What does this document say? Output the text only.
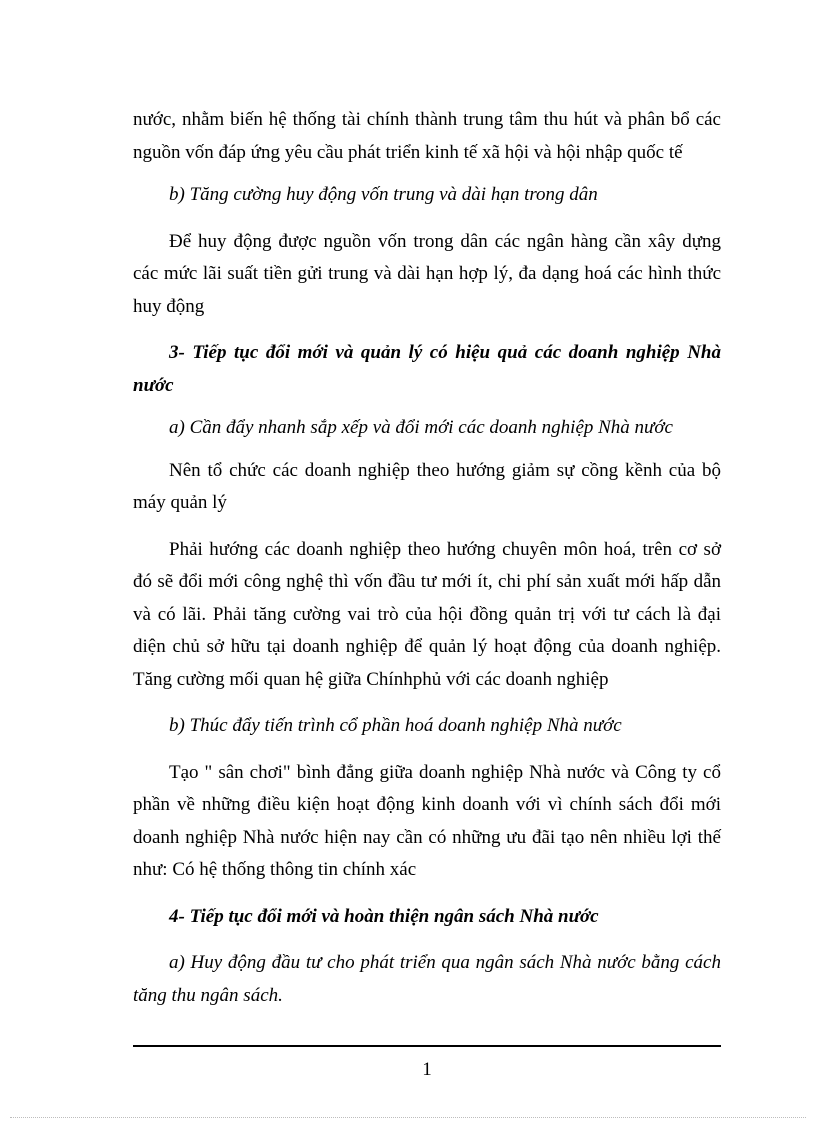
nước, nhằm biến hệ thống tài chính thành trung tâm thu hút và phân bổ các nguồn vốn đáp ứng yêu cầu phát triển kinh tế xã hội và hội nhập quốc tế

b) Tăng cường huy động vốn trung và dài hạn trong dân

Để huy động được nguồn vốn trong dân các ngân hàng cần xây dựng các mức lãi suất tiền gửi trung và dài hạn hợp lý, đa dạng hoá các hình thức huy động

3- Tiếp tục đổi mới và quản lý có hiệu quả các doanh nghiệp Nhà nước

a) Cần đẩy nhanh sắp xếp và đổi mới các doanh nghiệp Nhà nước

Nên tổ chức các doanh nghiệp theo hướng giảm sự cồng kềnh của bộ máy quản lý

Phải hướng các doanh nghiệp theo hướng chuyên môn hoá, trên cơ sở đó sẽ đổi mới công nghệ thì vốn đầu tư mới ít, chi phí sản xuất mới hấp dẫn và có lãi. Phải tăng cường vai trò của hội đồng quản trị với tư cách là đại diện chủ sở hữu tại doanh nghiệp để quản lý hoạt động của doanh nghiệp. Tăng cường mối quan hệ giữa Chínhphủ với các doanh nghiệp

b) Thúc đẩy tiến trình cổ phần hoá doanh nghiệp Nhà nước

Tạo " sân chơi" bình đẳng giữa doanh nghiệp Nhà nước và Công ty cổ phần về những điều kiện hoạt động kinh doanh với vì chính sách đổi mới doanh nghiệp Nhà nước hiện nay cần có những ưu đãi tạo nên nhiều lợi thế như: Có hệ thống thông tin chính xác

4- Tiếp tục đổi mới và hoàn thiện ngân sách Nhà nước

a) Huy động đầu tư cho phát triển qua ngân sách Nhà nước bằng cách tăng thu ngân sách.

1
